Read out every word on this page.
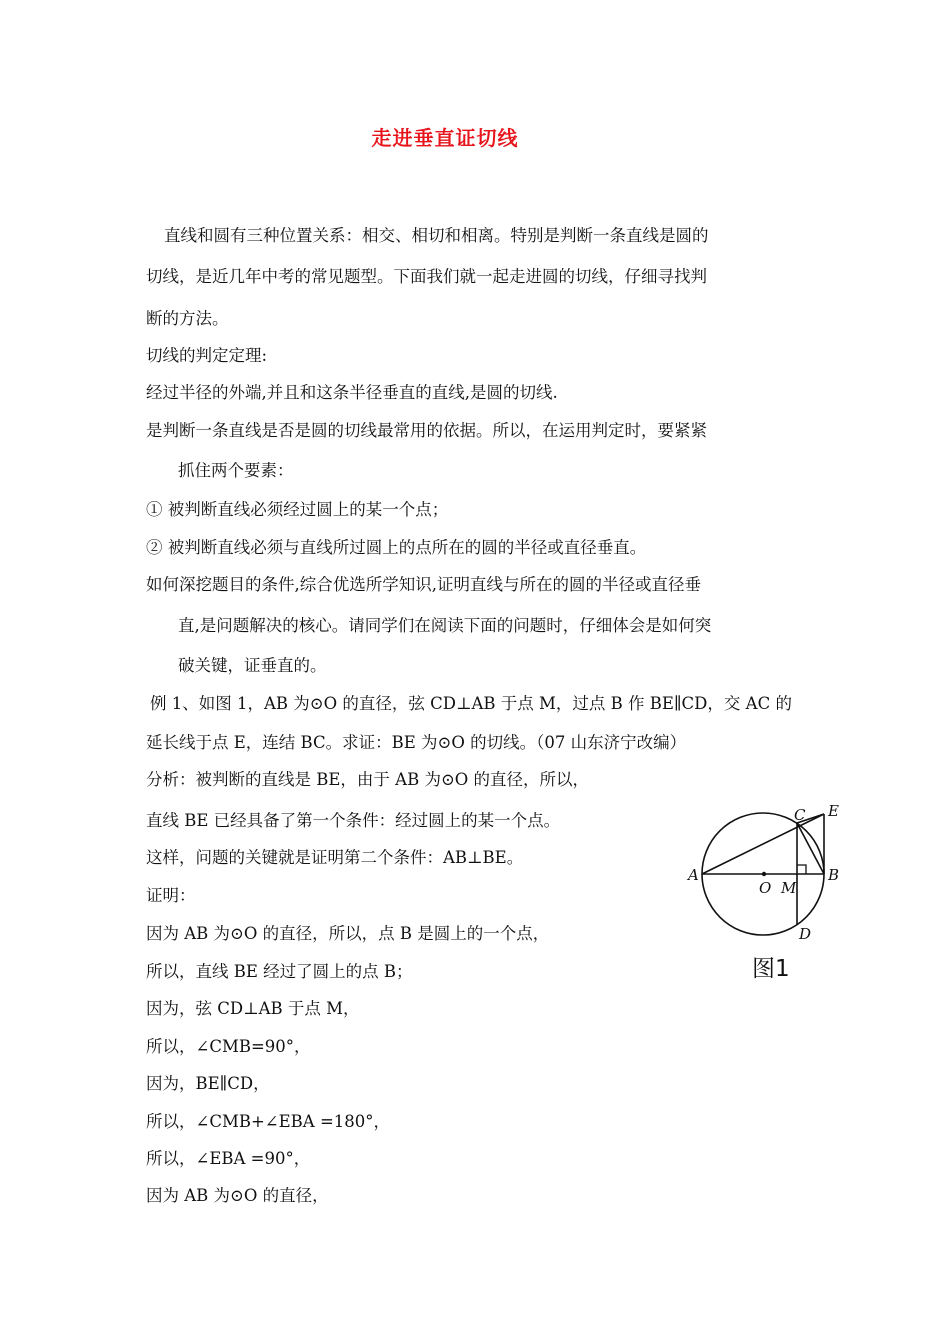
走进垂直证切线
直线和圆有三种位置关系：相交、相切和相离。特别是判断一条直线是圆的
切线，是近几年中考的常见题型。下面我们就一起走进圆的切线，仔细寻找判
断的方法。
切线的判定定理:
经过半径的外端,并且和这条半径垂直的直线,是圆的切线.
是判断一条直线是否是圆的切线最常用的依据。所以，在运用判定时，要紧紧
抓住两个要素：
① 被判断直线必须经过圆上的某一个点；
② 被判断直线必须与直线所过圆上的点所在的圆的半径或直径垂直。
如何深挖题目的条件,综合优选所学知识,证明直线与所在的圆的半径或直径垂
直,是问题解决的核心。请同学们在阅读下面的问题时，仔细体会是如何突
破关键，证垂直的。
例 1、如图 1，AB 为⊙O 的直径，弦 CD⊥AB 于点 M，过点 B 作 BE∥CD，交 AC 的
延长线于点 E，连结 BC。求证：BE 为⊙O 的切线。（07 山东济宁改编）
分析：被判断的直线是 BE，由于 AB 为⊙O 的直径，所以，
直线 BE 已经具备了第一个条件：经过圆上的某一个点。
这样，问题的关键就是证明第二个条件：AB⊥BE。
证明：
因为 AB 为⊙O 的直径，所以，点 B 是圆上的一个点，
所以，直线 BE 经过了圆上的点 B；
因为，弦 CD⊥AB 于点 M，
所以，∠CMB=90°，
因为，BE∥CD，
所以，∠CMB+∠EBA =180°，
所以，∠EBA =90°，
因为 AB 为⊙O 的直径，
A	B
C
D
E
O M
图1
